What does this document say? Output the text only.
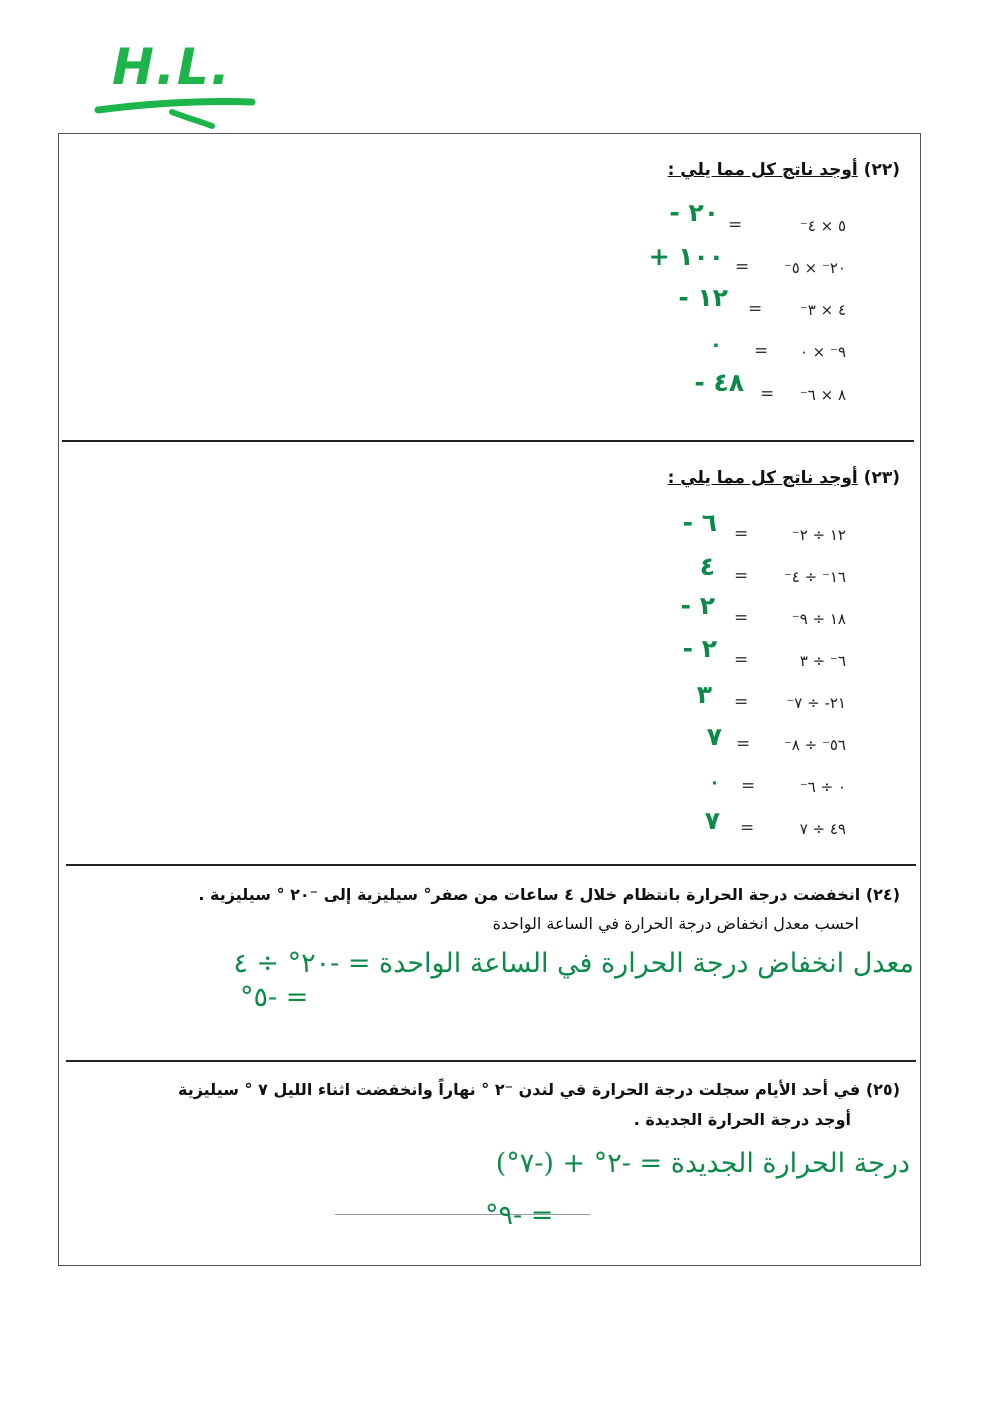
H.L.
(٢٢) أوجد ناتج كل مما يلي :
٥ × ٤⁻
=
٢٠ -
٢٠⁻ × ٥⁻
=
١٠٠ +
٤ × ٣⁻
=
١٢ -
٩⁻ × ٠
=
٠
٨ × ٦⁻
=
٤٨ -
(٢٣) أوجد ناتج كل مما يلي :
١٢ ÷ ٢⁻
=
٦ -
١٦⁻ ÷ ٤⁻
=
٤
١٨ ÷ ٩⁻
=
٢ -
٦⁻ ÷ ٣
=
٢ -
٢١- ÷ ٧⁻
=
٣
٥٦⁻ ÷ ٨⁻
=
٧
٠ ÷ ٦⁻
=
٠
٤٩ ÷ ٧
=
٧
(٢٤) انخفضت درجة الحرارة بانتظام خلال ٤ ساعات من صفر° سيليزية إلى ⁻٢٠ ° سيليزية .
احسب معدل انخفاض درجة الحرارة في الساعة الواحدة
معدل انخفاض درجة الحرارة في الساعة الواحدة = -٢٠° ÷ ٤
= -٥°
(٢٥) في أحد الأيام سجلت درجة الحرارة في لندن ⁻٢ ° نهاراً وانخفضت اثناء الليل ٧ ° سيليزية
أوجد درجة الحرارة الجديدة .
درجة الحرارة الجديدة = -٢° + (-٧°)
= -٩°
